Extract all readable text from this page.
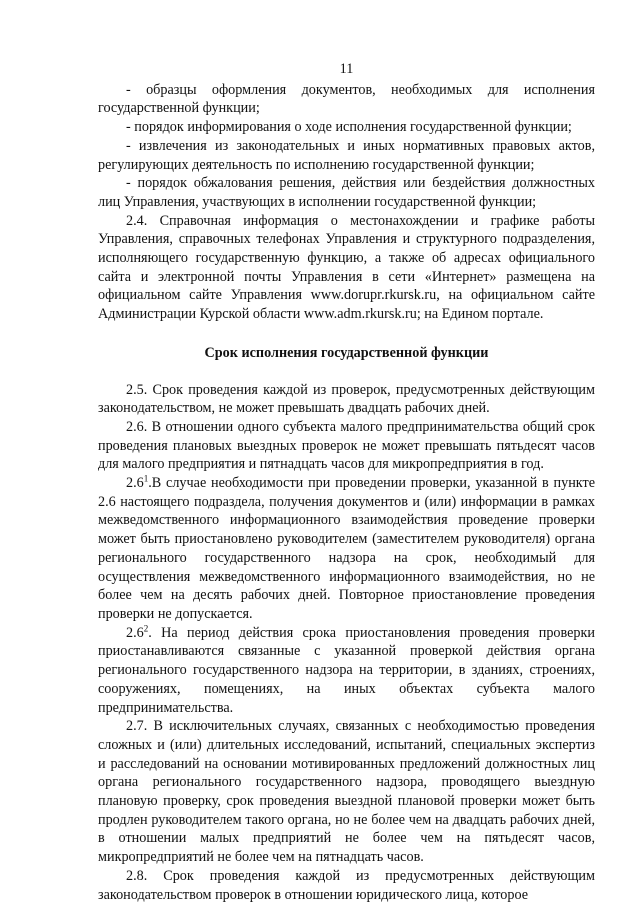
11

- образцы оформления документов, необходимых для исполнения государственной функции;

- порядок информирования о ходе исполнения государственной функции;

- извлечения из законодательных и иных нормативных правовых актов, регулирующих деятельность по исполнению государственной функции;

- порядок обжалования решения, действия или бездействия должностных лиц Управления, участвующих в исполнении государственной функции;

2.4. Справочная информация о местонахождении и графике работы Управления, справочных телефонах Управления и структурного подразделения, исполняющего государственную функцию, а также об адресах официального сайта и электронной почты Управления в сети «Интернет» размещена на официальном сайте Управления www.dorupr.rkursk.ru, на официальном сайте Администрации Курской области www.adm.rkursk.ru; на Едином портале.

Срок исполнения государственной функции

2.5. Срок проведения каждой из проверок, предусмотренных действующим законодательством, не может превышать двадцать рабочих дней.

2.6. В отношении одного субъекта малого предпринимательства общий срок проведения плановых выездных проверок не может превышать пятьдесят часов для малого предприятия и пятнадцать часов для микропредприятия в год.

$2.6^1.В$ случае необходимости при проведении проверки, указанной в пункте 2.6 настоящего подраздела, получения документов и (или) информации в рамках межведомственного информационного взаимодействия проведение проверки может быть приостановлено руководителем (заместителем руководителя) органа регионального государственного надзора на срок, необходимый для осуществления межведомственного информационного взаимодействия, но не более чем на десять рабочих дней. Повторное приостановление проведения проверки не допускается.

$2.6^2$. На период действия срока приостановления проведения проверки приостанавливаются связанные с указанной проверкой действия органа регионального государственного надзора на территории, в зданиях, строениях, сооружениях, помещениях, на иных объектах субъекта малого предпринимательства.

2.7. В исключительных случаях, связанных с необходимостью проведения сложных и (или) длительных исследований, испытаний, специальных экспертиз и расследований на основании мотивированных предложений должностных лиц органа регионального государственного надзора, проводящего выездную плановую проверку, срок проведения выездной плановой проверки может быть продлен руководителем такого органа, но не более чем на двадцать рабочих дней, в отношении малых предприятий не более чем на пятьдесят часов, микропредприятий не более чем на пятнадцать часов.

2.8. Срок проведения каждой из предусмотренных действующим законодательством проверок в отношении юридического лица, которое
